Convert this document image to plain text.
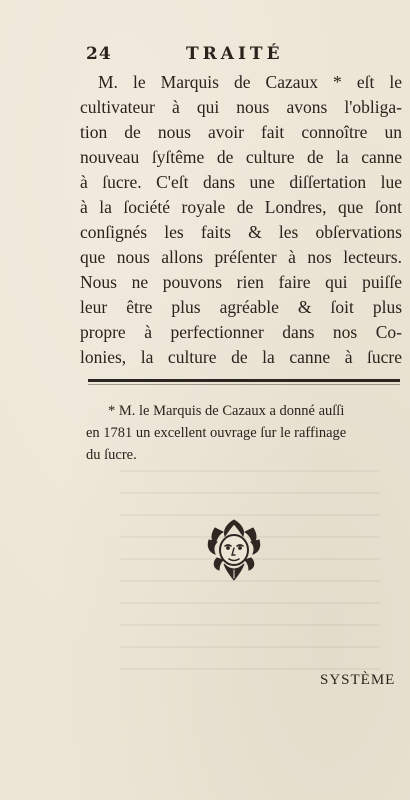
24	TRAITÉ
M. le Marquis de Cazaux * eſt le
cultivateur à qui nous avons l'obliga-
tion de nous avoir fait connoître un
nouveau ſyſtême de culture de la canne
à ſucre. C'eſt dans une diſſertation lue
à la ſociété royale de Londres, que ſont
conſignés les faits & les obſervations
que nous allons préſenter à nos lecteurs.
Nous ne pouvons rien faire qui puiſſe
leur être plus agréable & ſoit plus
propre à perfectionner dans nos Co-
lonies, la culture de la canne à ſucre
* M. le Marquis de Cazaux a donné auſſi
en 1781 un excellent ouvrage ſur le raffinage
du ſucre.
SYSTÈME
